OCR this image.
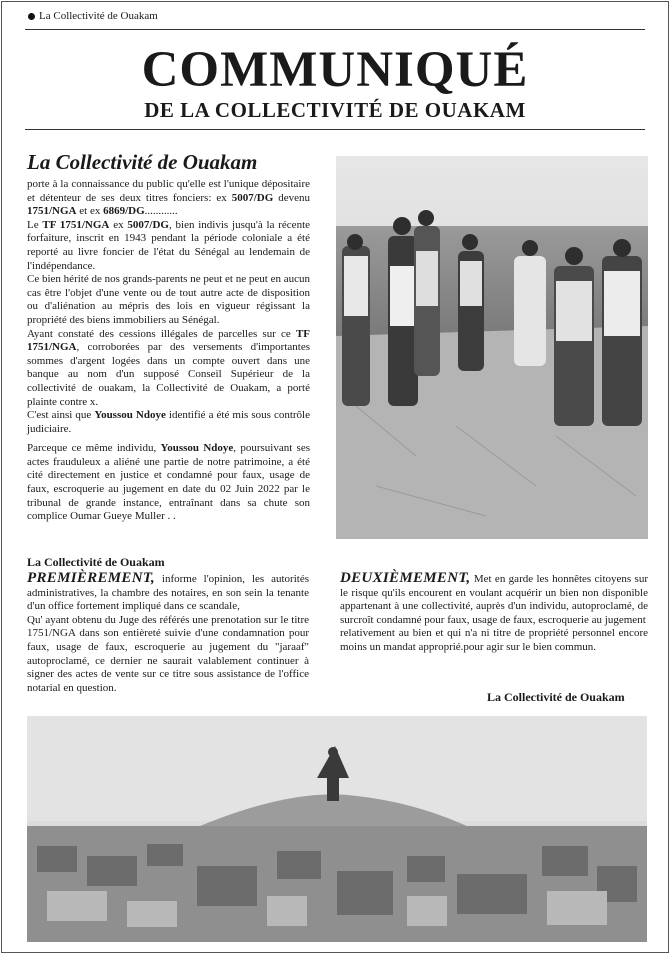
La Collectivité de Ouakam
COMMUNIQUÉ
DE LA COLLECTIVITÉ DE OUAKAM
La Collectivité de Ouakam

porte à la connaissance du public qu'elle est l'unique dépositaire et détenteur de ses deux titres fonciers: ex 5007/DG devenu 1751/NGA et ex 6869/DG............

Le TF 1751/NGA ex 5007/DG, bien indivis jusqu'à la récente forfaiture, inscrit en 1943 pendant la période coloniale a été reporté au livre foncier de l'état du Sénégal au lendemain de l'indépendance.

Ce bien hérité de nos grands-parents ne peut et ne peut en aucun cas être l'objet d'une vente ou de tout autre acte de disposition ou d'aliénation au mépris des lois en vigueur régissant la propriété des biens immobiliers au Sénégal.

Ayant constaté des cessions illégales de parcelles sur ce TF 1751/NGA, corroborées par des versements d'importantes sommes d'argent logées dans un compte ouvert dans une banque au nom d'un supposé Conseil Supérieur de la collectivité de ouakam, la Collectivité de Ouakam, a porté plainte contre x.

C'est ainsi que Youssou Ndoye identifié a été mis sous contrôle judiciaire.

Parceque ce même individu, Youssou Ndoye, poursuivant ses actes frauduleux a aliéné une partie de notre patrimoine, a été cité directement en justice et condamné pour faux, usage de faux, escroquerie au jugement en date du 02 Juin 2022 par le tribunal de grande instance, entraînant dans sa chute son complice Oumar Gueye Muller . .

La Collectivité de Ouakam

PREMIÈREMENT, informe l'opinion, les autorités administratives, la chambre des notaires, en son sein la tenante d'un office fortement impliqué dans ce scandale,

Qu' ayant obtenu du Juge des référés une prenotation sur le titre 1751/NGA dans son entièreté suivie d'une condamnation pour faux, usage de faux, escroquerie au jugement du "jaraaf" autoproclamé, ce dernier ne saurait valablement continuer à signer des actes de vente sur ce titre sous assistance de l'office notarial en question.

DEUXIÈMEMENT, Met en garde les honnêtes citoyens sur le risque qu'ils encourent en voulant acquérir un bien non disponible appartenant à une collectivité, auprès d'un individu, autoproclamé, de surcroît condamné pour faux, usage de faux, escroquerie au jugement

relativement au bien et qui n'a ni titre de propriété personnel encore moins un mandat approprié.pour agir sur le bien commun.

La Collectivité de Ouakam
